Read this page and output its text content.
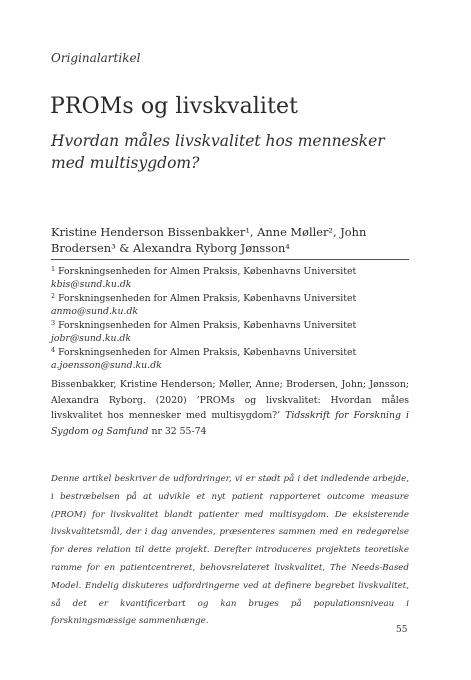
Originalartikel
PROMs og livskvalitet
Hvordan måles livskvalitet hos mennesker med multisygdom?
Kristine Henderson Bissenbakker¹, Anne Møller², John Brodersen³ & Alexandra Ryborg Jønsson⁴
$^1$ Forskningsenheden for Almen Praksis, Københavns Universitet
kbis@sund.ku.dk
$^2$ Forskningsenheden for Almen Praksis, Københavns Universitet
anmo@sund.ku.dk
$^3$ Forskningsenheden for Almen Praksis, Københavns Universitet
jobr@sund.ku.dk
$^4$ Forskningsenheden for Almen Praksis, Københavns Universitet
a.joensson@sund.ku.dk
Bissenbakker, Kristine Henderson; Møller, Anne; Brodersen, John; Jønsson; Alexandra Ryborg. (2020) ’PROMs og livskvalitet: Hvordan måles livskvalitet hos mennesker med multisygdom?’ Tidsskrift for Forskning i Sygdom og Samfund nr 32 55-74
Denne artikel beskriver de udfordringer, vi er stødt på i det indledende arbejde, i bestræbelsen på at udvikle et nyt patient rapporteret outcome measure (PROM) for livskvalitet blandt patienter med multisygdom. De eksisterende livskvalitetsmål, der i dag anvendes, præsenteres sammen med en redegørelse for deres relation til dette projekt. Derefter introduceres projektets teoretiske ramme for en patientcentreret, behovsrelateret livskvalitet, The Needs-Based Model. Endelig diskuteres udfordringerne ved at definere begrebet livskvalitet, så det er kvantificerbart og kan bruges på populationsniveau i forskningsmæssige sammenhænge.
55
